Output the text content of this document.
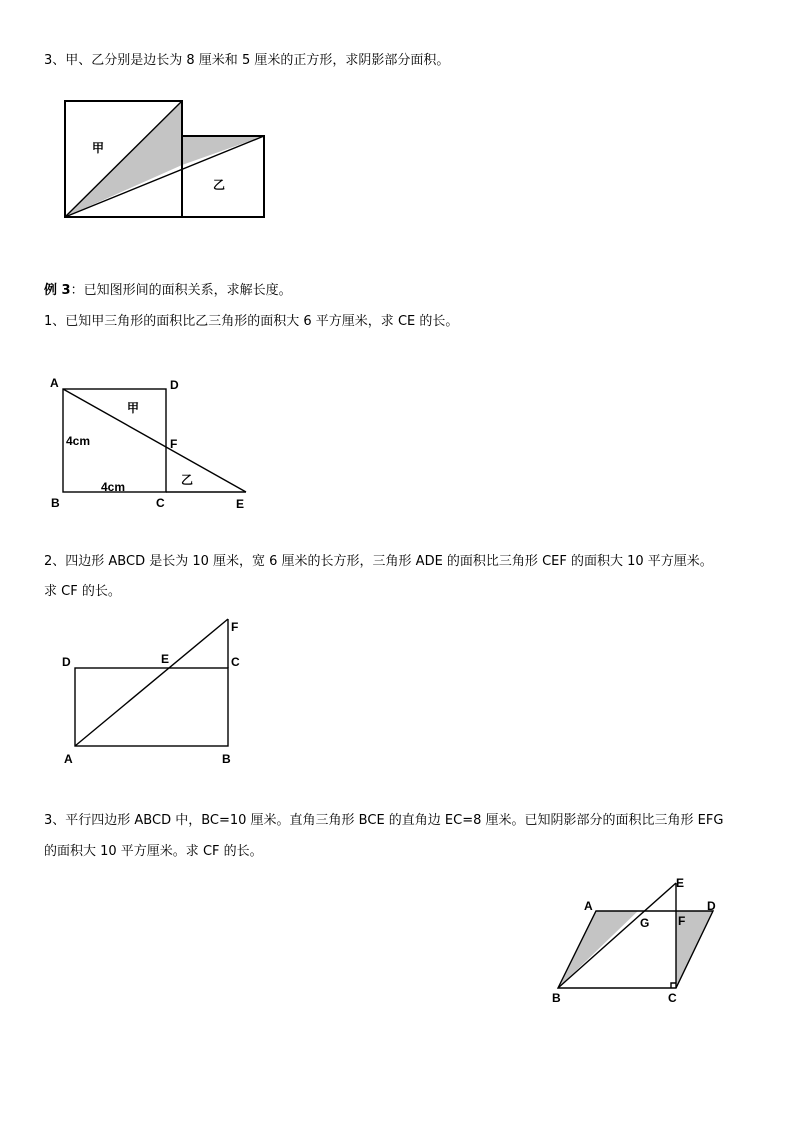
3、甲、乙分别是边长为 8 厘米和 5 厘米的正方形，求阴影部分面积。
例 3：已知图形间的面积关系，求解长度。
1、已知甲三角形的面积比乙三角形的面积大 6 平方厘米，求 CE 的长。
2、四边形 ABCD 是长为 10 厘米，宽 6 厘米的长方形，三角形 ADE 的面积比三角形 CEF 的面积大 10 平方厘米。
求 CF 的长。
3、平行四边形 ABCD 中，BC=10 厘米。直角三角形 BCE 的直角边 EC=8 厘米。已知阴影部分的面积比三角形 EFG
的面积大 10 平方厘米。求 CF 的长。
甲
乙
A	D
B	C	E
F
甲
乙
4cm
4cm
D	E	C
F
A	B
A
E
D
G F
B	C
